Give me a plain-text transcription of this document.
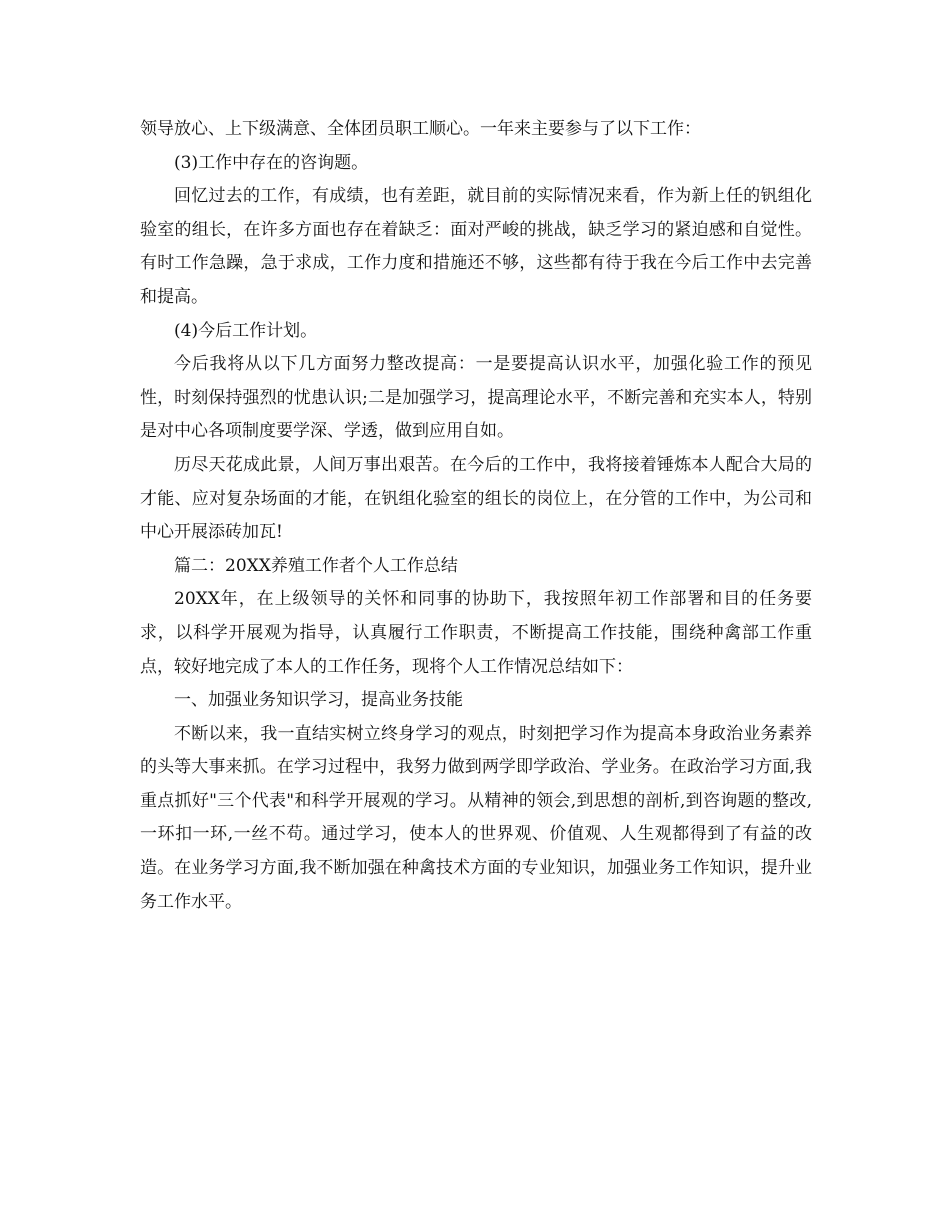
领导放心、上下级满意、全体团员职工顺心。一年来主要参与了以下工作：

(3)工作中存在的咨询题。

回忆过去的工作，有成绩，也有差距，就目前的实际情况来看，作为新上任的钒组化验室的组长，在许多方面也存在着缺乏：面对严峻的挑战，缺乏学习的紧迫感和自觉性。有时工作急躁，急于求成，工作力度和措施还不够，这些都有待于我在今后工作中去完善和提高。

(4)今后工作计划。

今后我将从以下几方面努力整改提高：一是要提高认识水平，加强化验工作的预见性，时刻保持强烈的忧患认识;二是加强学习，提高理论水平，不断完善和充实本人，特别是对中心各项制度要学深、学透，做到应用自如。

历尽天花成此景，人间万事出艰苦。在今后的工作中，我将接着锤炼本人配合大局的才能、应对复杂场面的才能，在钒组化验室的组长的岗位上，在分管的工作中，为公司和中心开展添砖加瓦!

篇二：20XX养殖工作者个人工作总结

20XX年，在上级领导的关怀和同事的协助下，我按照年初工作部署和目的任务要求，以科学开展观为指导，认真履行工作职责，不断提高工作技能，围绕种禽部工作重点，较好地完成了本人的工作任务，现将个人工作情况总结如下：

一、加强业务知识学习，提高业务技能

不断以来，我一直结实树立终身学习的观点，时刻把学习作为提高本身政治业务素养的头等大事来抓。在学习过程中，我努力做到两学即学政治、学业务。在政治学习方面,我重点抓好"三个代表"和科学开展观的学习。从精神的领会,到思想的剖析,到咨询题的整改,一环扣一环,一丝不苟。通过学习，使本人的世界观、价值观、人生观都得到了有益的改造。在业务学习方面,我不断加强在种禽技术方面的专业知识，加强业务工作知识，提升业务工作水平。
